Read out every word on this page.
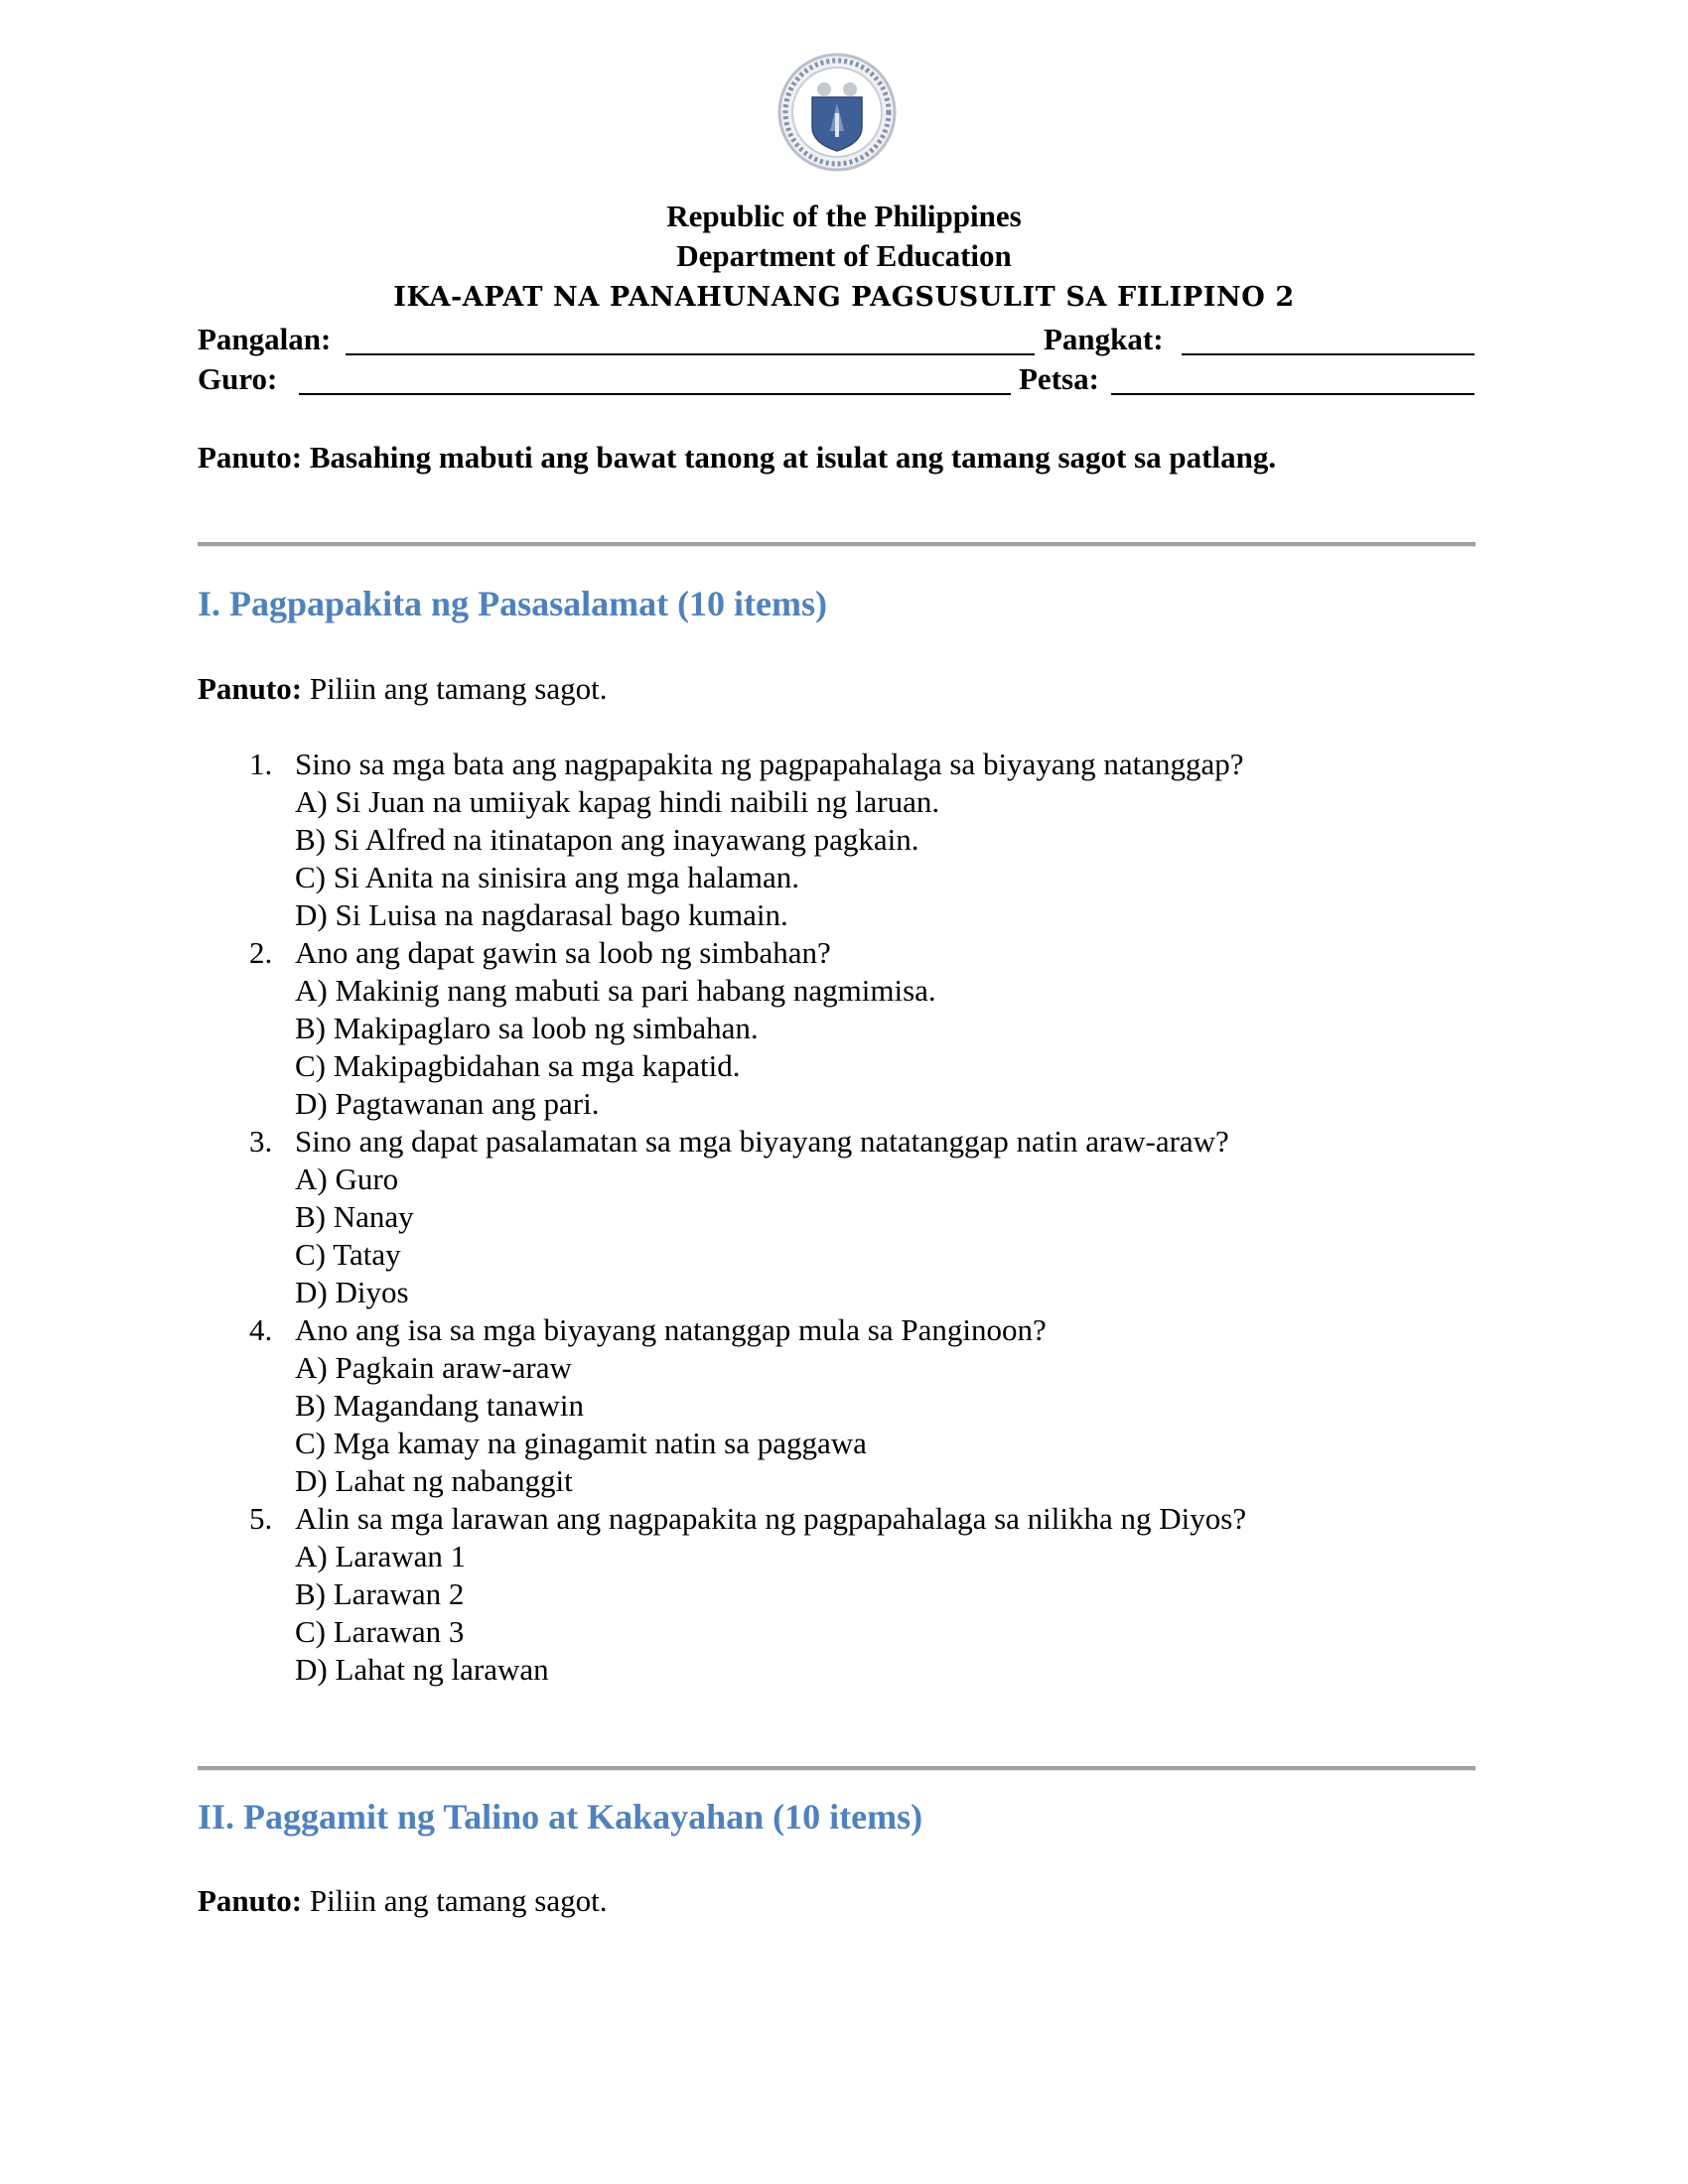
Republic of the Philippines
Department of Education
IKA-APAT NA PANAHUNANG PAGSUSULIT SA FILIPINO 2
Pangalan:	Pangkat:
Guro:	Petsa:
Panuto: Basahing mabuti ang bawat tanong at isulat ang tamang sagot sa patlang.
I. Pagpapakita ng Pasasalamat (10 items)
Panuto: Piliin ang tamang sagot.
1. Sino sa mga bata ang nagpapakita ng pagpapahalaga sa biyayang natanggap?
A) Si Juan na umiiyak kapag hindi naibili ng laruan.
B) Si Alfred na itinatapon ang inayawang pagkain.
C) Si Anita na sinisira ang mga halaman.
D) Si Luisa na nagdarasal bago kumain.
2. Ano ang dapat gawin sa loob ng simbahan?
A) Makinig nang mabuti sa pari habang nagmimisa.
B) Makipaglaro sa loob ng simbahan.
C) Makipagbidahan sa mga kapatid.
D) Pagtawanan ang pari.
3. Sino ang dapat pasalamatan sa mga biyayang natatanggap natin araw-araw?
A) Guro
B) Nanay
C) Tatay
D) Diyos
4. Ano ang isa sa mga biyayang natanggap mula sa Panginoon?
A) Pagkain araw-araw
B) Magandang tanawin
C) Mga kamay na ginagamit natin sa paggawa
D) Lahat ng nabanggit
5. Alin sa mga larawan ang nagpapakita ng pagpapahalaga sa nilikha ng Diyos?
A) Larawan 1
B) Larawan 2
C) Larawan 3
D) Lahat ng larawan
II. Paggamit ng Talino at Kakayahan (10 items)
Panuto: Piliin ang tamang sagot.
